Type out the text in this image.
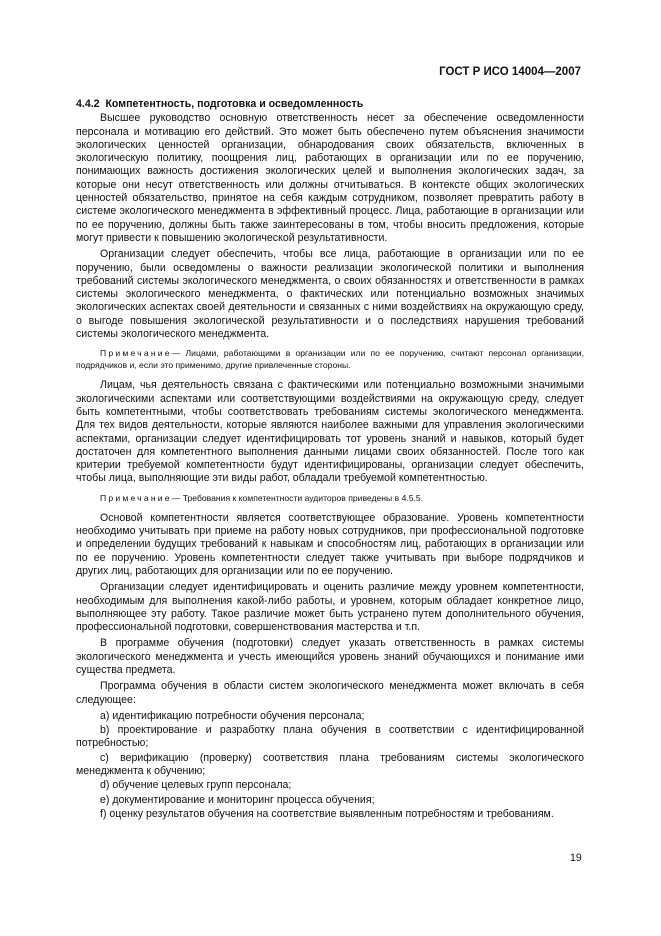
ГОСТ Р ИСО 14004—2007

4.4.2 Компетентность, подготовка и осведомленность

Высшее руководство основную ответственность несет за обеспечение осведомленности персонала и мотивацию его действий. Это может быть обеспечено путем объяснения значимости экологических ценностей организации, обнародования своих обязательств, включенных в экологическую политику, поощрения лиц, работающих в организации или по ее поручению, понимающих важность достижения экологических целей и выполнения экологических задач, за которые они несут ответственность или должны отчитываться. В контексте общих экологических ценностей обязательство, принятое на себя каждым сотрудником, позволяет превратить работу в системе экологического менеджмента в эффективный процесс. Лица, работающие в организации или по ее поручению, должны быть также заинтересованы в том, чтобы вносить предложения, которые могут привести к повышению экологической результативности.

Организации следует обеспечить, чтобы все лица, работающие в организации или по ее поручению, были осведомлены о важности реализации экологической политики и выполнения требований системы экологического менеджмента, о своих обязанностях и ответственности в рамках системы экологического менеджмента, о фактических или потенциально возможных значимых экологических аспектах своей деятельности и связанных с ними воздействиях на окружающую среду, о выгоде повышения экологической результативности и о последствиях нарушения требований системы экологического менеджмента.

Примечание— Лицами, работающими в организации или по ее поручению, считают персонал организации, подрядчиков и, если это применимо, другие привлеченные стороны.

Лицам, чья деятельность связана с фактическими или потенциально возможными значимыми экологическими аспектами или соответствующими воздействиями на окружающую среду, следует быть компетентными, чтобы соответствовать требованиям системы экологического менеджмента. Для тех видов деятельности, которые являются наиболее важными для управления экологическими аспектами, организации следует идентифицировать тот уровень знаний и навыков, который будет достаточен для компетентного выполнения данными лицами своих обязанностей. После того как критерии требуемой компетентности будут идентифицированы, организации следует обеспечить, чтобы лица, выполняющие эти виды работ, обладали требуемой компетентностью.

Примечание— Требования к компетентности аудиторов приведены в 4.5.5.

Основой компетентности является соответствующее образование. Уровень компетентности необходимо учитывать при приеме на работу новых сотрудников, при профессиональной подготовке и определении будущих требований к навыкам и способностям лиц, работающих в организации или по ее поручению. Уровень компетентности следует также учитывать при выборе подрядчиков и других лиц, работающих для организации или по ее поручению.

Организации следует идентифицировать и оценить различие между уровнем компетентности, необходимым для выполнения какой-либо работы, и уровнем, которым обладает конкретное лицо, выполняющее эту работу. Такое различие может быть устранено путем дополнительного обучения, профессиональной подготовки, совершенствования мастерства и т.п.

В программе обучения (подготовки) следует указать ответственность в рамках системы экологического менеджмента и учесть имеющийся уровень знаний обучающихся и понимание ими существа предмета.

Программа обучения в области систем экологического менеджмента может включать в себя следующее:

а) идентификацию потребности обучения персонала;

b) проектирование и разработку плана обучения в соответствии с идентифицированной потребностью;

c) верификацию (проверку) соответствия плана требованиям системы экологического менеджмента к обучению;

d) обучение целевых групп персонала;

e) документирование и мониторинг процесса обучения;

f) оценку результатов обучения на соответствие выявленным потребностям и требованиям.

19
